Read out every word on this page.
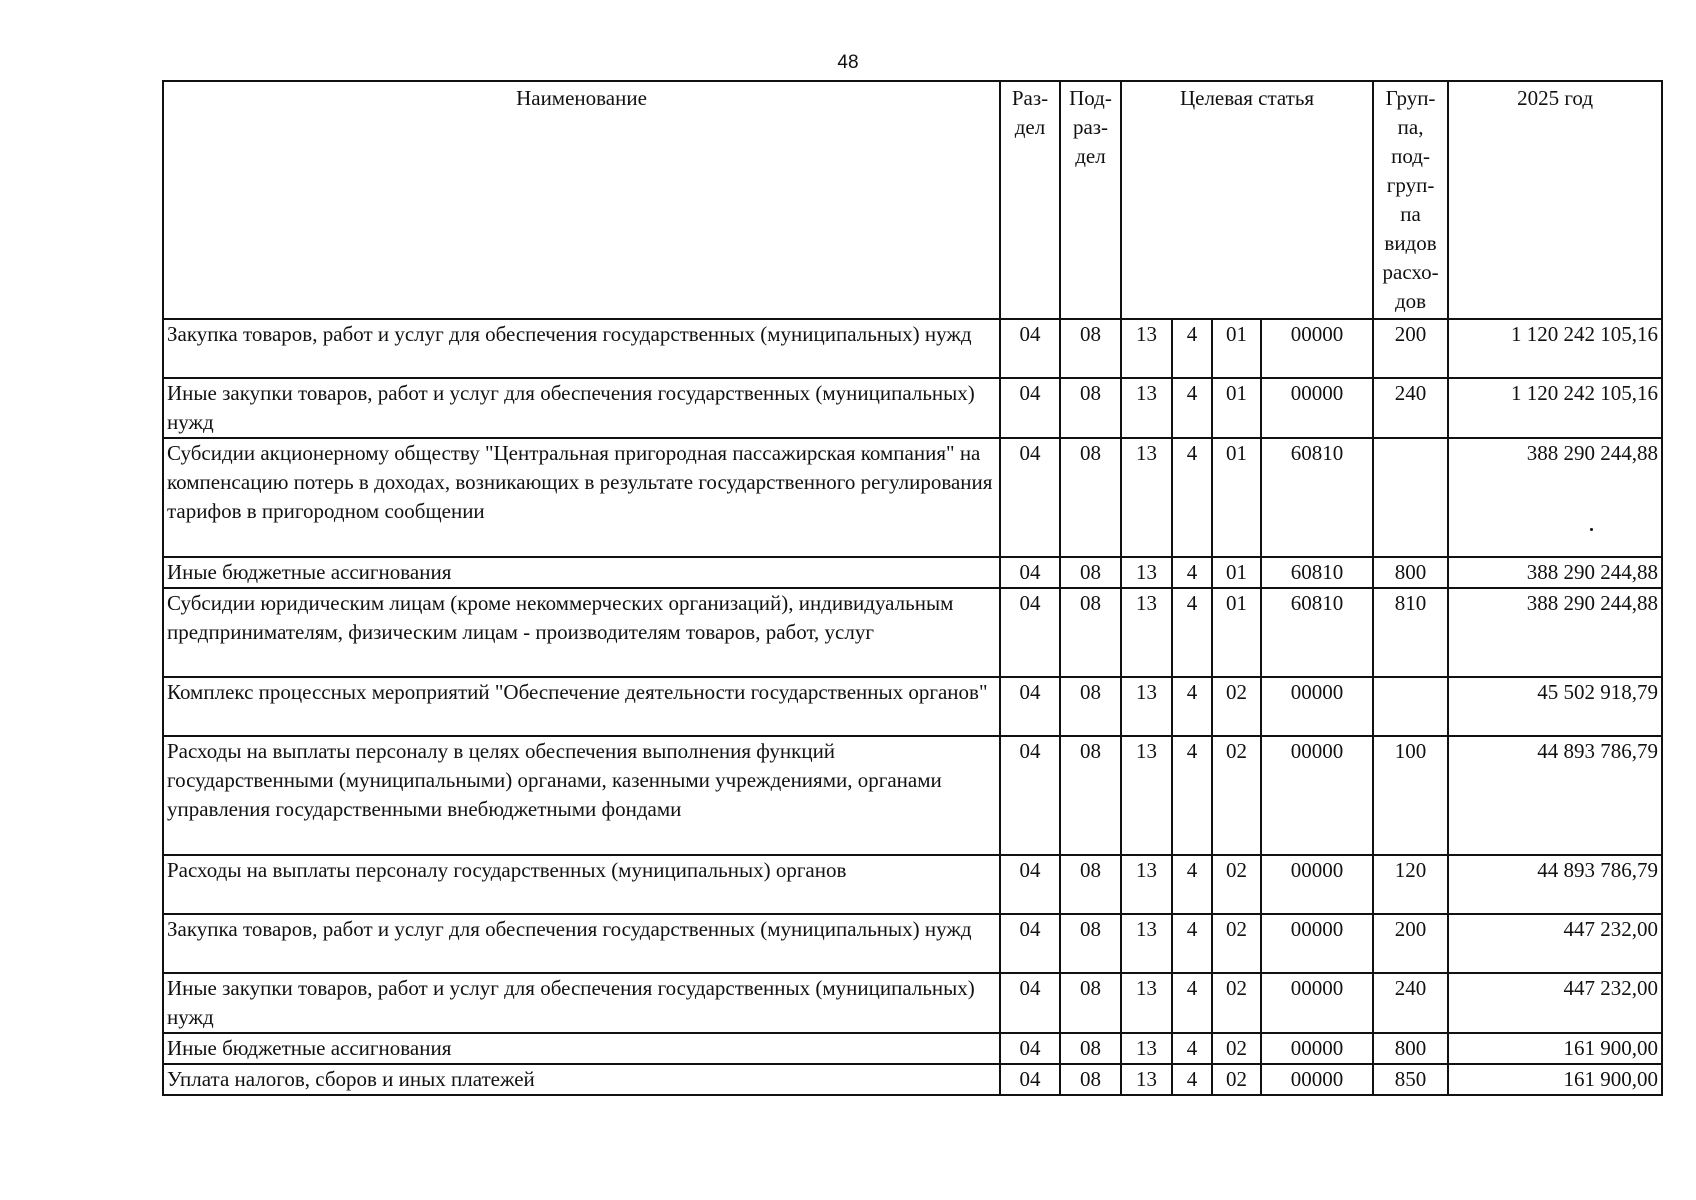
48
Наименование	Раз- дел	Под- раз- дел	Целевая статья				Груп- па, под- груп- па видов расхо- дов	2025 год
Закупка товаров, работ и услуг для обеспечения государственных (муниципальных) нужд	04	08	13	4	01	00000	200	1 120 242 105,16
Иные закупки товаров, работ и услуг для обеспечения государственных (муниципальных) нужд	04	08	13	4	01	00000	240	1 120 242 105,16
Субсидии акционерному обществу "Центральная пригородная пассажирская компания" на компенсацию потерь в доходах, возникающих в результате государственного регулирования тарифов в пригородном сообщении	04	08	13	4	01	60810		388 290 244,88
Иные бюджетные ассигнования	04	08	13	4	01	60810	800	388 290 244,88
Субсидии юридическим лицам (кроме некоммерческих организаций), индивидуальным предпринимателям, физическим лицам - производителям товаров, работ, услуг	04	08	13	4	01	60810	810	388 290 244,88
Комплекс процессных мероприятий "Обеспечение деятельности государственных органов"	04	08	13	4	02	00000		45 502 918,79
Расходы на выплаты персоналу в целях обеспечения выполнения функций государственными (муниципальными) органами, казенными учреждениями, органами управления государственными внебюджетными фондами	04	08	13	4	02	00000	100	44 893 786,79
Расходы на выплаты персоналу государственных (муниципальных) органов	04	08	13	4	02	00000	120	44 893 786,79
Закупка товаров, работ и услуг для обеспечения государственных (муниципальных) нужд	04	08	13	4	02	00000	200	447 232,00
Иные закупки товаров, работ и услуг для обеспечения государственных (муниципальных) нужд	04	08	13	4	02	00000	240	447 232,00
Иные бюджетные ассигнования	04	08	13	4	02	00000	800	161 900,00
Уплата налогов, сборов и иных платежей	04	08	13	4	02	00000	850	161 900,00
